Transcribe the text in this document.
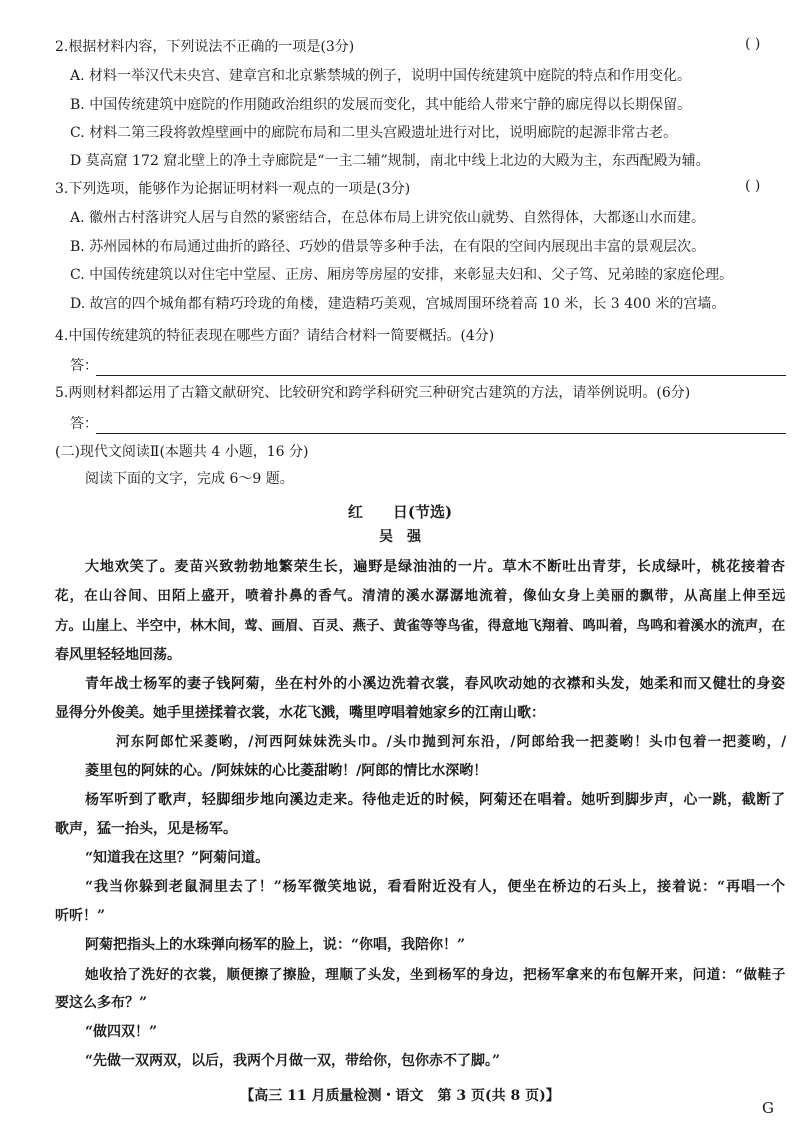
2.根据材料内容，下列说法不正确的一项是(3分)	( )
A. 材料一举汉代未央宫、建章宫和北京紫禁城的例子，说明中国传统建筑中庭院的特点和作用变化。
B. 中国传统建筑中庭院的作用随政治组织的发展而变化，其中能给人带来宁静的廊庑得以长期保留。
C. 材料二第三段将敦煌壁画中的廊院布局和二里头宫殿遗址进行对比，说明廊院的起源非常古老。
D 莫高窟 172 窟北壁上的净土寺廊院是“一主二辅”规制，南北中线上北边的大殿为主，东西配殿为辅。
3.下列选项，能够作为论据证明材料一观点的一项是(3分)	( )
A. 徽州古村落讲究人居与自然的紧密结合，在总体布局上讲究依山就势、自然得体，大都逐山水而建。
B. 苏州园林的布局通过曲折的路径、巧妙的借景等多种手法，在有限的空间内展现出丰富的景观层次。
C. 中国传统建筑以对住宅中堂屋、正房、厢房等房屋的安排，来彰显夫妇和、父子笃、兄弟睦的家庭伦理。
D. 故宫的四个城角都有精巧玲珑的角楼，建造精巧美观，宫城周围环绕着高 10 米，长 3 400 米的宫墙。
4.中国传统建筑的特征表现在哪些方面？请结合材料一简要概括。(4分)
答：
5.两则材料都运用了古籍文献研究、比较研究和跨学科研究三种研究古建筑的方法，请举例说明。(6分)
答：
(二)现代文阅读Ⅱ(本题共 4 小题，16 分)
阅读下面的文字，完成 6～9 题。
红　　日(节选)
吴　强
大地欢笑了。麦苗兴致勃勃地繁荣生长，遍野是绿油油的一片。草木不断吐出青芽，长成绿叶，桃花接着杏
花，在山谷间、田陌上盛开，喷着扑鼻的香气。清清的溪水潺潺地流着，像仙女身上美丽的飘带，从高崖上伸至远
方。山崖上、半空中，林木间，莺、画眉、百灵、燕子、黄雀等等鸟雀，得意地飞翔着、鸣叫着，鸟鸣和着溪水的流声，在
春风里轻轻地回荡。
青年战士杨军的妻子钱阿菊，坐在村外的小溪边洗着衣裳，春风吹动她的衣襟和头发，她柔和而又健壮的身姿
显得分外俊美。她手里搓揉着衣裳，水花飞溅，嘴里哼唱着她家乡的江南山歌：
河东阿郎忙采菱哟，/河西阿妹妹洗头巾。/头巾抛到河东沿，/阿郎给我一把菱哟！头巾包着一把菱哟，/
菱里包的阿妹的心。/阿妹妹的心比菱甜哟！/阿郎的情比水深哟！
杨军听到了歌声，轻脚细步地向溪边走来。待他走近的时候，阿菊还在唱着。她听到脚步声，心一跳，截断了
歌声，猛一抬头，见是杨军。
“知道我在这里？”阿菊问道。
“我当你躲到老鼠洞里去了！”杨军微笑地说，看看附近没有人，便坐在桥边的石头上，接着说：“再唱一个
听听！”
阿菊把指头上的水珠弹向杨军的脸上，说：“你唱，我陪你！”
她收拾了洗好的衣裳，顺便擦了擦脸，理顺了头发，坐到杨军的身边，把杨军拿来的布包解开来，问道：“做鞋子
要这么多布？”
“做四双！”
“先做一双两双，以后，我两个月做一双，带给你，包你赤不了脚。”
【高三 11 月质量检测・语文　第 3 页(共 8 页)】
G
